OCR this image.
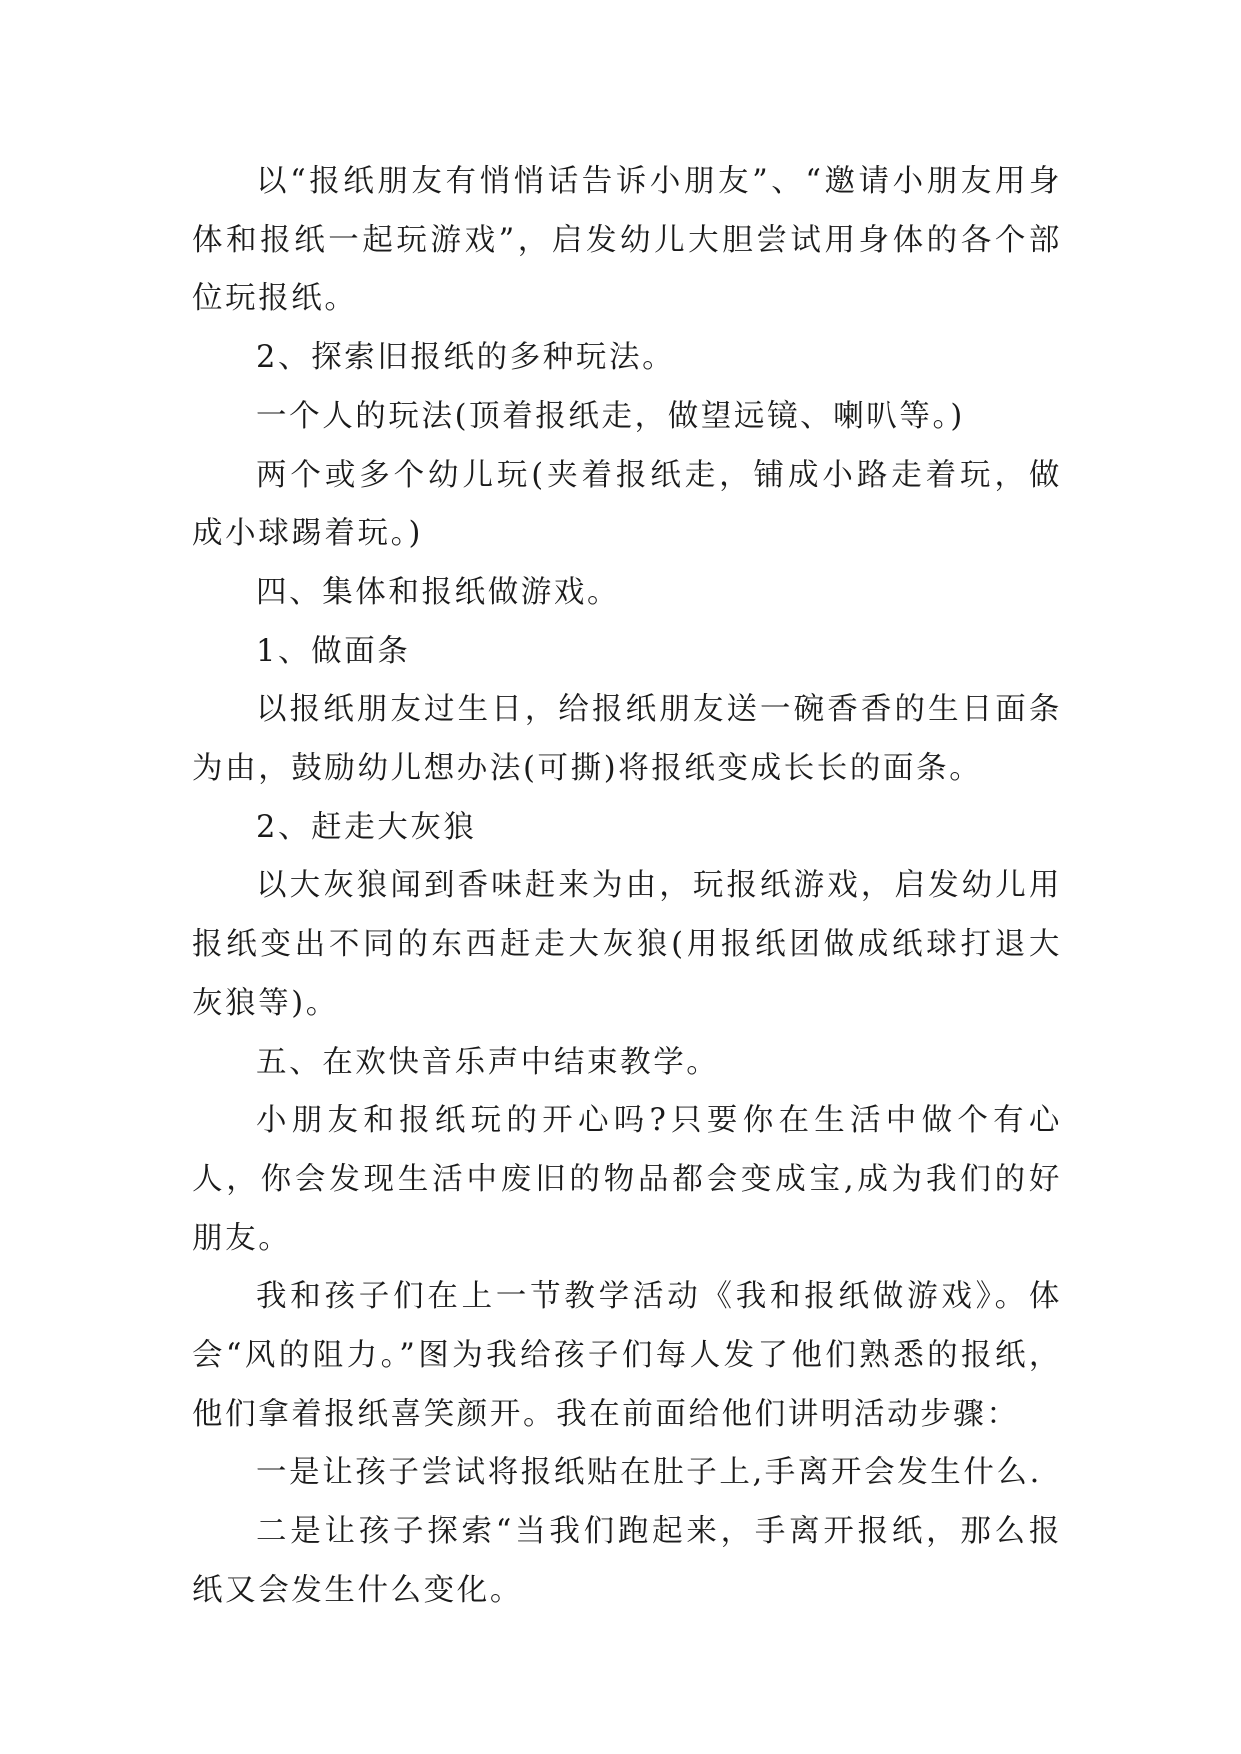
以“报纸朋友有悄悄话告诉小朋友”、“邀请小朋友用身体和报纸一起玩游戏”，启发幼儿大胆尝试用身体的各个部位玩报纸。

2、探索旧报纸的多种玩法。

一个人的玩法(顶着报纸走，做望远镜、喇叭等。)

两个或多个幼儿玩(夹着报纸走，铺成小路走着玩，做成小球踢着玩。)

四、集体和报纸做游戏。

1、做面条

以报纸朋友过生日，给报纸朋友送一碗香香的生日面条为由，鼓励幼儿想办法(可撕)将报纸变成长长的面条。

2、赶走大灰狼

以大灰狼闻到香味赶来为由，玩报纸游戏，启发幼儿用报纸变出不同的东西赶走大灰狼(用报纸团做成纸球打退大灰狼等)。

五、在欢快音乐声中结束教学。

小朋友和报纸玩的开心吗?只要你在生活中做个有心人，你会发现生活中废旧的物品都会变成宝,成为我们的好朋友。

我和孩子们在上一节教学活动《我和报纸做游戏》。体会“风的阻力。”图为我给孩子们每人发了他们熟悉的报纸，他们拿着报纸喜笑颜开。我在前面给他们讲明活动步骤：

一是让孩子尝试将报纸贴在肚子上,手离开会发生什么.

二是让孩子探索“当我们跑起来，手离开报纸，那么报纸又会发生什么变化。
